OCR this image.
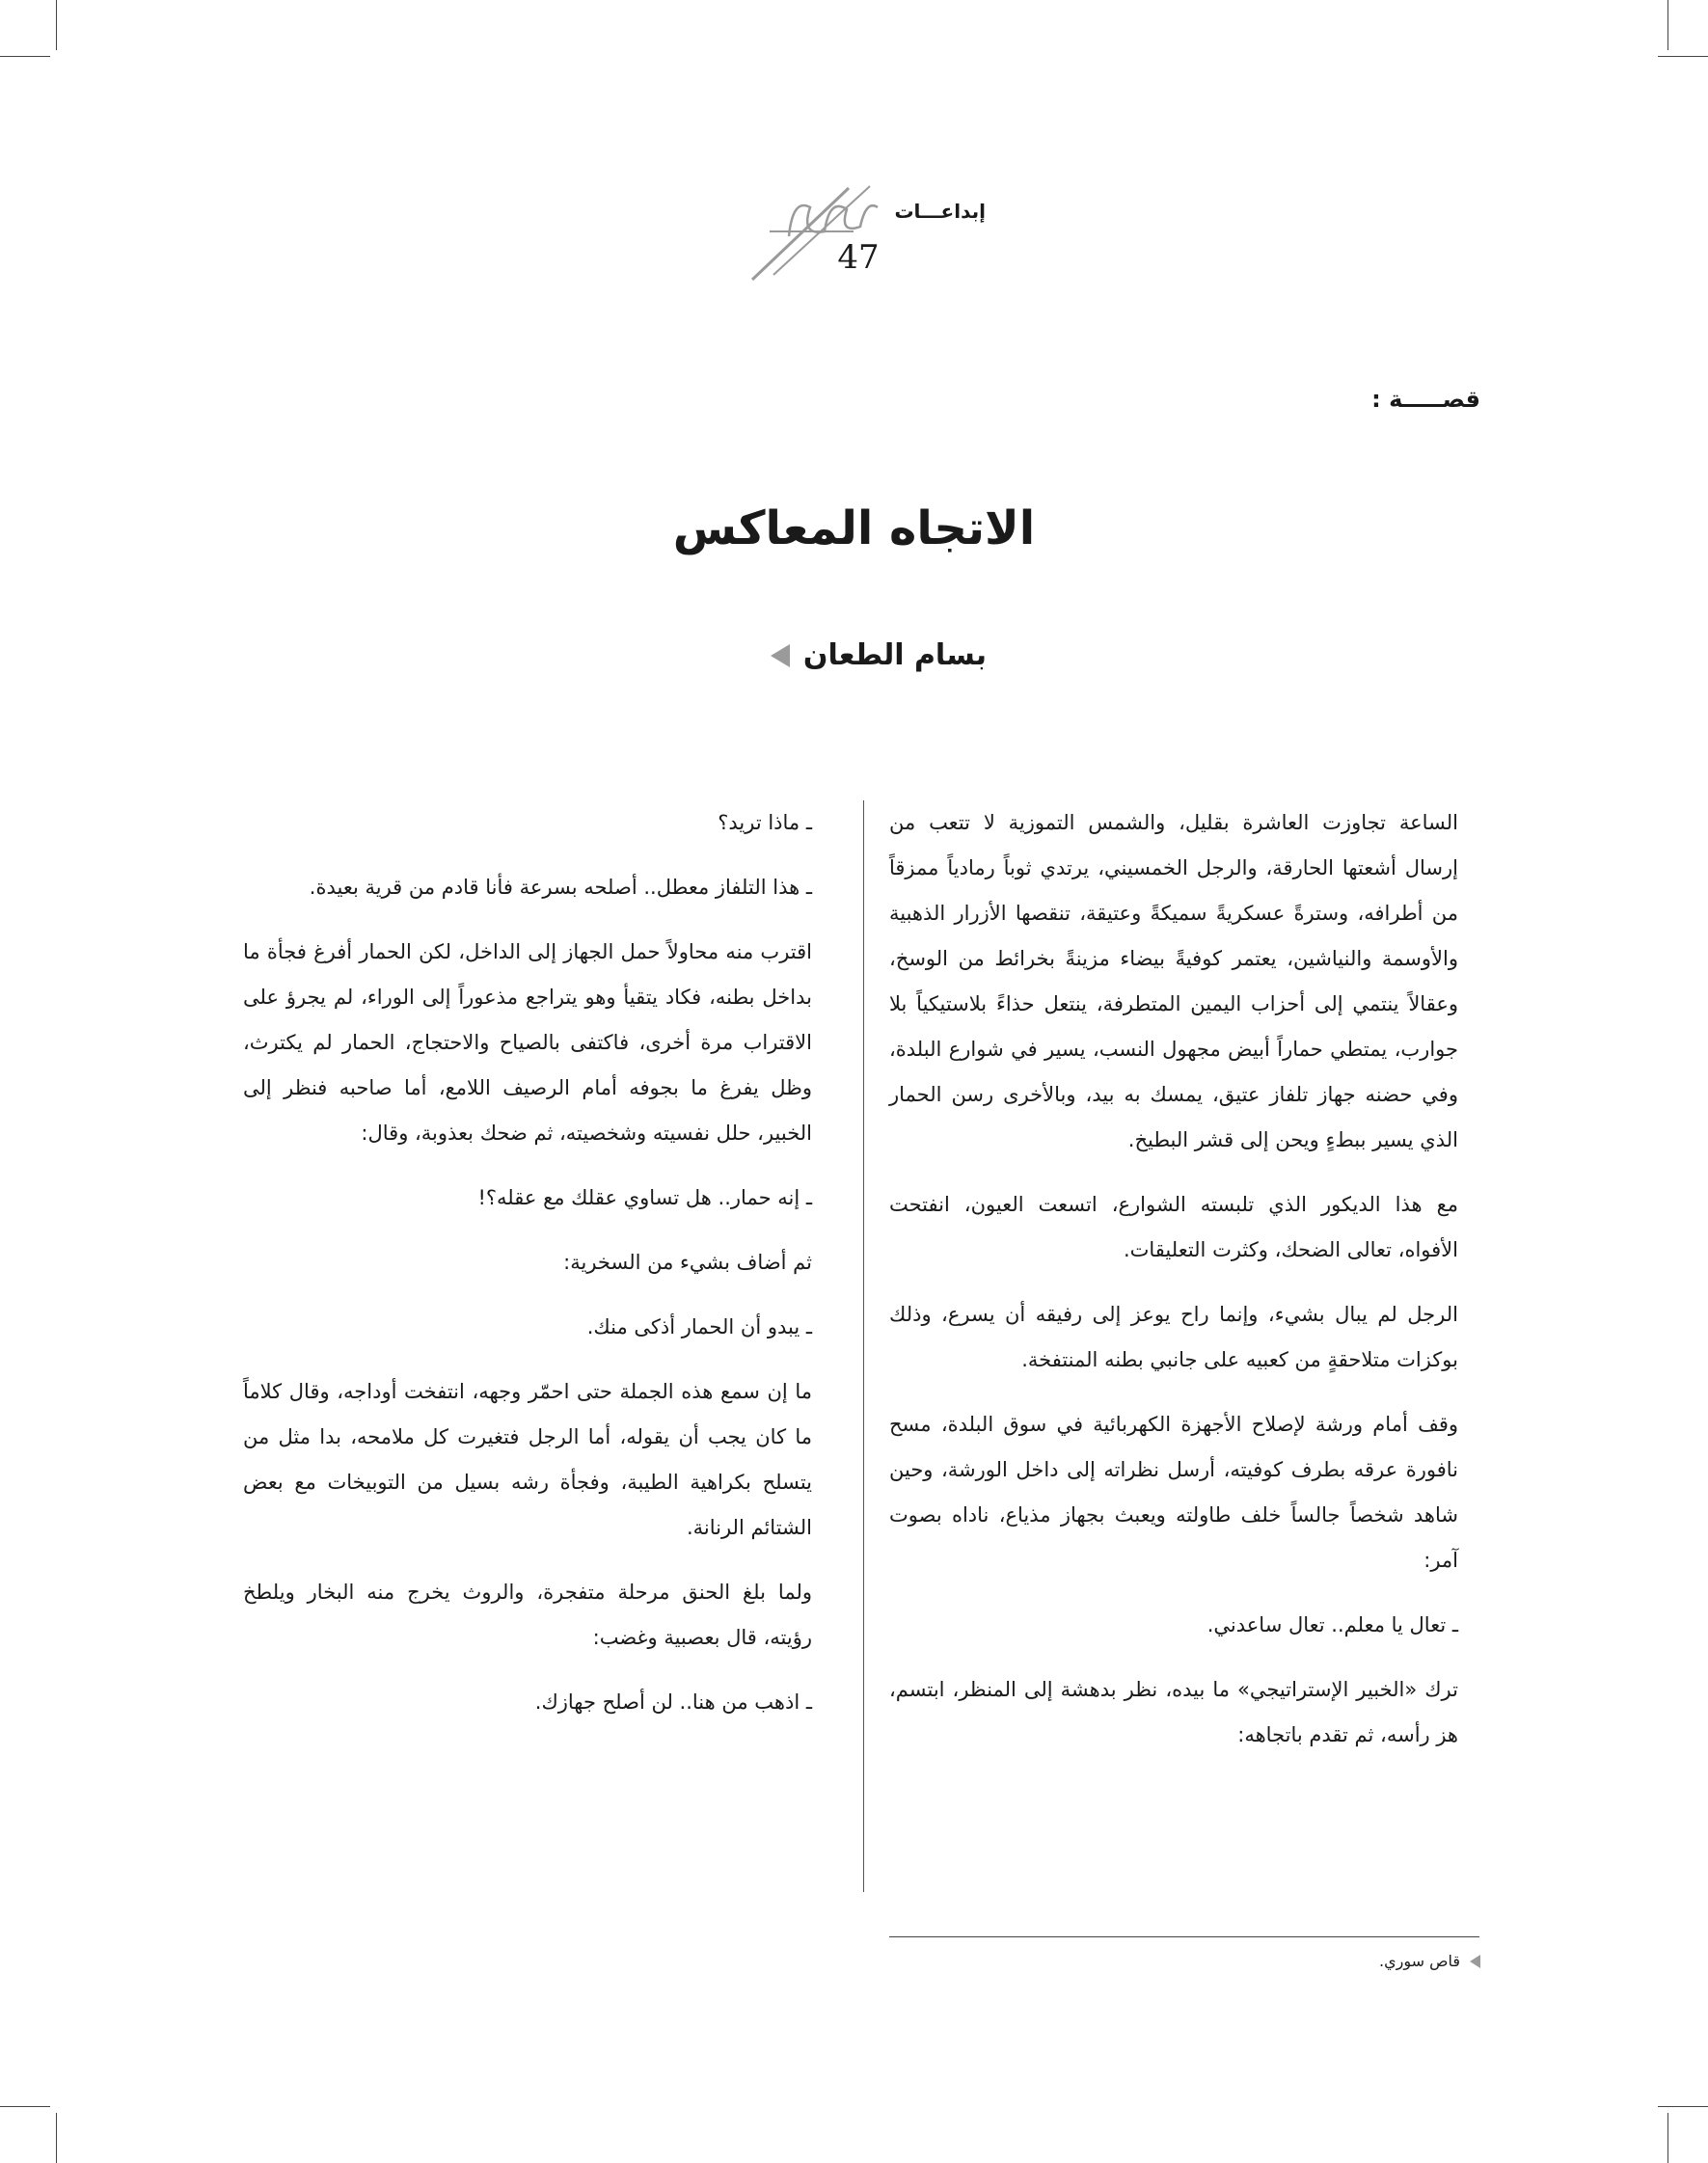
إبداعـــات
47
قصـــــة :
الاتجاه المعاكس
بسام الطعان

الساعة تجاوزت العاشرة بقليل، والشمس التموزية لا تتعب من إرسال أشعتها الحارقة، والرجل الخمسيني، يرتدي ثوباً رمادياً ممزقاً من أطرافه، وسترةً عسكريةً سميكةً وعتيقة، تنقصها الأزرار الذهبية والأوسمة والنياشين، يعتمر كوفيةً بيضاء مزينةً بخرائط من الوسخ، وعقالاً ينتمي إلى أحزاب اليمين المتطرفة، ينتعل حذاءً بلاستيكياً بلا جوارب، يمتطي حماراً أبيض مجهول النسب، يسير في شوارع البلدة، وفي حضنه جهاز تلفاز عتيق، يمسك به بيد، وبالأخرى رسن الحمار الذي يسير ببطءٍ ويحن إلى قشر البطيخ.

مع هذا الديكور الذي تلبسته الشوارع، اتسعت العيون، انفتحت الأفواه، تعالى الضحك، وكثرت التعليقات.

الرجل لم يبال بشيء، وإنما راح يوعز إلى رفيقه أن يسرع، وذلك بوكزات متلاحقةٍ من كعبيه على جانبي بطنه المنتفخة.

وقف أمام ورشة لإصلاح الأجهزة الكهربائية في سوق البلدة، مسح نافورة عرقه بطرف كوفيته، أرسل نظراته إلى داخل الورشة، وحين شاهد شخصاً جالساً خلف طاولته ويعبث بجهاز مذياع، ناداه بصوت آمر:

ـ تعال يا معلم.. تعال ساعدني.

ترك «الخبير الإستراتيجي» ما بيده، نظر بدهشة إلى المنظر، ابتسم، هز رأسه، ثم تقدم باتجاهه:

ـ ماذا تريد؟

ـ هذا التلفاز معطل.. أصلحه بسرعة فأنا قادم من قرية بعيدة.

اقترب منه محاولاً حمل الجهاز إلى الداخل، لكن الحمار أفرغ فجأة ما بداخل بطنه، فكاد يتقيأ وهو يتراجع مذعوراً إلى الوراء، لم يجرؤ على الاقتراب مرة أخرى، فاكتفى بالصياح والاحتجاج، الحمار لم يكترث، وظل يفرغ ما بجوفه أمام الرصيف اللامع، أما صاحبه فنظر إلى الخبير، حلل نفسيته وشخصيته، ثم ضحك بعذوبة، وقال:

ـ إنه حمار.. هل تساوي عقلك مع عقله؟!

ثم أضاف بشيء من السخرية:

ـ يبدو أن الحمار أذكى منك.

ما إن سمع هذه الجملة حتى احمّر وجهه، انتفخت أوداجه، وقال كلاماً ما كان يجب أن يقوله، أما الرجل فتغيرت كل ملامحه، بدا مثل من يتسلح بكراهية الطيبة، وفجأة رشه بسيل من التوبيخات مع بعض الشتائم الرنانة.

ولما بلغ الحنق مرحلة متفجرة، والروث يخرج منه البخار ويلطخ رؤيته، قال بعصبية وغضب:

ـ اذهب من هنا.. لن أصلح جهازك.

قاص سوري.
